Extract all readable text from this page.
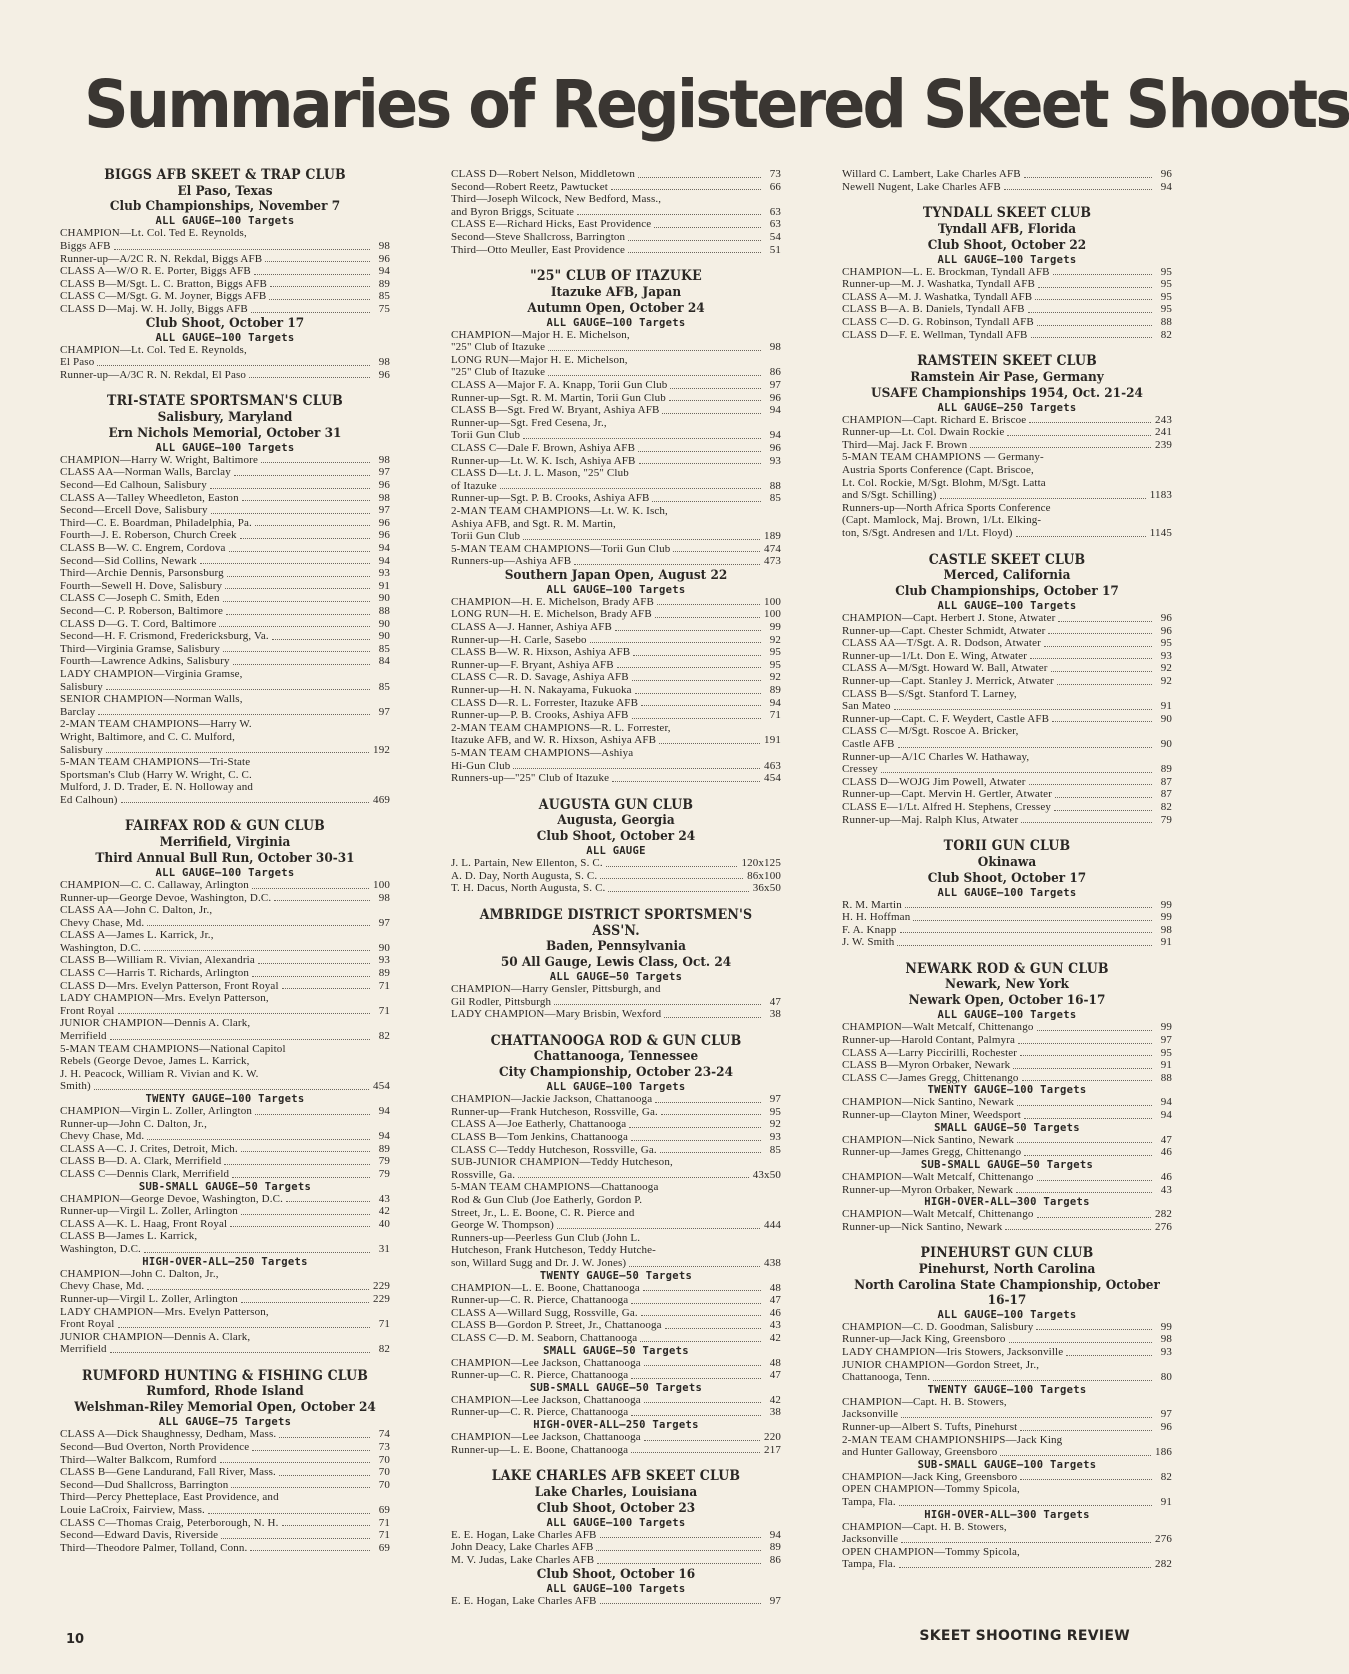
Summaries of Registered Skeet Shoots
BIGGS AFB SKEET & TRAP CLUB
El Paso, Texas
Club Championships, November 7
ALL GAUGE—100 Targets
CHAMPION—Lt. Col. Ted E. Reynolds,
Biggs AFB	98
Runner-up—A/2C R. N. Rekdal, Biggs AFB	96
CLASS A—W/O R. E. Porter, Biggs AFB	94
CLASS B—M/Sgt. L. C. Bratton, Biggs AFB	89
CLASS C—M/Sgt. G. M. Joyner, Biggs AFB	85
CLASS D—Maj. W. H. Jolly, Biggs AFB	75
Club Shoot, October 17
ALL GAUGE—100 Targets
CHAMPION—Lt. Col. Ted E. Reynolds,
El Paso	98
Runner-up—A/3C R. N. Rekdal, El Paso	96
TRI-STATE SPORTSMAN'S CLUB
Salisbury, Maryland
Ern Nichols Memorial, October 31
ALL GAUGE—100 Targets
CHAMPION—Harry W. Wright, Baltimore	98
CLASS AA—Norman Walls, Barclay	97
Second—Ed Calhoun, Salisbury	96
CLASS A—Talley Wheedleton, Easton	98
Second—Ercell Dove, Salisbury	97
Third—C. E. Boardman, Philadelphia, Pa.	96
Fourth—J. E. Roberson, Church Creek	96
CLASS B—W. C. Engrem, Cordova	94
Second—Sid Collins, Newark	94
Third—Archie Dennis, Parsonsburg	93
Fourth—Sewell H. Dove, Salisbury	91
CLASS C—Joseph C. Smith, Eden	90
Second—C. P. Roberson, Baltimore	88
CLASS D—G. T. Cord, Baltimore	90
Second—H. F. Crismond, Fredericksburg, Va.	90
Third—Virginia Gramse, Salisbury	85
Fourth—Lawrence Adkins, Salisbury	84
LADY CHAMPION—Virginia Gramse,
Salisbury	85
SENIOR CHAMPION—Norman Walls,
Barclay	97
2-MAN TEAM CHAMPIONS—Harry W.
Wright, Baltimore, and C. C. Mulford,
Salisbury	192
5-MAN TEAM CHAMPIONS—Tri-State
Sportsman's Club (Harry W. Wright, C. C.
Mulford, J. D. Trader, E. N. Holloway and
Ed Calhoun)	469
FAIRFAX ROD & GUN CLUB
Merrifield, Virginia
Third Annual Bull Run, October 30-31
ALL GAUGE—100 Targets
CHAMPION—C. C. Callaway, Arlington	100
Runner-up—George Devoe, Washington, D.C.	98
CLASS AA—John C. Dalton, Jr.,
Chevy Chase, Md.	97
CLASS A—James L. Karrick, Jr.,
Washington, D.C.	90
CLASS B—William R. Vivian, Alexandria	93
CLASS C—Harris T. Richards, Arlington	89
CLASS D—Mrs. Evelyn Patterson, Front Royal	71
LADY CHAMPION—Mrs. Evelyn Patterson,
Front Royal	71
JUNIOR CHAMPION—Dennis A. Clark,
Merrifield	82
5-MAN TEAM CHAMPIONS—National Capitol
Rebels (George Devoe, James L. Karrick,
J. H. Peacock, William R. Vivian and K. W.
Smith)	454
TWENTY GAUGE—100 Targets
CHAMPION—Virgin L. Zoller, Arlington	94
Runner-up—John C. Dalton, Jr.,
Chevy Chase, Md.	94
CLASS A—C. J. Crites, Detroit, Mich.	89
CLASS B—D. A. Clark, Merrifield	79
CLASS C—Dennis Clark, Merrifield	79
SUB-SMALL GAUGE—50 Targets
CHAMPION—George Devoe, Washington, D.C.	43
Runner-up—Virgil L. Zoller, Arlington	42
CLASS A—K. L. Haag, Front Royal	40
CLASS B—James L. Karrick,
Washington, D.C.	31
HIGH-OVER-ALL—250 Targets
CHAMPION—John C. Dalton, Jr.,
Chevy Chase, Md.	229
Runner-up—Virgil L. Zoller, Arlington	229
LADY CHAMPION—Mrs. Evelyn Patterson,
Front Royal	71
JUNIOR CHAMPION—Dennis A. Clark,
Merrifield	82
RUMFORD HUNTING & FISHING CLUB
Rumford, Rhode Island
Welshman-Riley Memorial Open, October 24
ALL GAUGE—75 Targets
CLASS A—Dick Shaughnessy, Dedham, Mass.	74
Second—Bud Overton, North Providence	73
Third—Walter Balkcom, Rumford	70
CLASS B—Gene Landurand, Fall River, Mass.	70
Second—Dud Shallcross, Barrington	70
Third—Percy Phetteplace, East Providence, and
Louie LaCroix, Fairview, Mass.	69
CLASS C—Thomas Craig, Peterborough, N. H.	71
Second—Edward Davis, Riverside	71
Third—Theodore Palmer, Tolland, Conn.	69
CLASS D—Robert Nelson, Middletown	73
Second—Robert Reetz, Pawtucket	66
Third—Joseph Wilcock, New Bedford, Mass.,
and Byron Briggs, Scituate	63
CLASS E—Richard Hicks, East Providence	63
Second—Steve Shallcross, Barrington	54
Third—Otto Meuller, East Providence	51
"25" CLUB OF ITAZUKE
Itazuke AFB, Japan
Autumn Open, October 24
ALL GAUGE—100 Targets
CHAMPION—Major H. E. Michelson,
"25" Club of Itazuke	98
LONG RUN—Major H. E. Michelson,
"25" Club of Itazuke	86
CLASS A—Major F. A. Knapp, Torii Gun Club	97
Runner-up—Sgt. R. M. Martin, Torii Gun Club	96
CLASS B—Sgt. Fred W. Bryant, Ashiya AFB	94
Runner-up—Sgt. Fred Cesena, Jr.,
Torii Gun Club	94
CLASS C—Dale F. Brown, Ashiya AFB	96
Runner-up—Lt. W. K. Isch, Ashiya AFB	93
CLASS D—Lt. J. L. Mason, "25" Club
of Itazuke	88
Runner-up—Sgt. P. B. Crooks, Ashiya AFB	85
2-MAN TEAM CHAMPIONS—Lt. W. K. Isch,
Ashiya AFB, and Sgt. R. M. Martin,
Torii Gun Club	189
5-MAN TEAM CHAMPIONS—Torii Gun Club	474
Runners-up—Ashiya AFB	473
Southern Japan Open, August 22
ALL GAUGE—100 Targets
CHAMPION—H. E. Michelson, Brady AFB	100
LONG RUN—H. E. Michelson, Brady AFB	100
CLASS A—J. Hanner, Ashiya AFB	99
Runner-up—H. Carle, Sasebo	92
CLASS B—W. R. Hixson, Ashiya AFB	95
Runner-up—F. Bryant, Ashiya AFB	95
CLASS C—R. D. Savage, Ashiya AFB	92
Runner-up—H. N. Nakayama, Fukuoka	89
CLASS D—R. L. Forrester, Itazuke AFB	94
Runner-up—P. B. Crooks, Ashiya AFB	71
2-MAN TEAM CHAMPIONS—R. L. Forrester,
Itazuke AFB, and W. R. Hixson, Ashiya AFB	191
5-MAN TEAM CHAMPIONS—Ashiya
Hi-Gun Club	463
Runners-up—"25" Club of Itazuke	454
AUGUSTA GUN CLUB
Augusta, Georgia
Club Shoot, October 24
ALL GAUGE
J. L. Partain, New Ellenton, S. C.	120x125
A. D. Day, North Augusta, S. C.	86x100
T. H. Dacus, North Augusta, S. C.	36x50
AMBRIDGE DISTRICT SPORTSMEN'S ASS'N.
Baden, Pennsylvania
50 All Gauge, Lewis Class, Oct. 24
ALL GAUGE—50 Targets
CHAMPION—Harry Gensler, Pittsburgh, and
Gil Rodler, Pittsburgh	47
LADY CHAMPION—Mary Brisbin, Wexford	38
CHATTANOOGA ROD & GUN CLUB
Chattanooga, Tennessee
City Championship, October 23-24
ALL GAUGE—100 Targets
CHAMPION—Jackie Jackson, Chattanooga	97
Runner-up—Frank Hutcheson, Rossville, Ga.	95
CLASS A—Joe Eatherly, Chattanooga	92
CLASS B—Tom Jenkins, Chattanooga	93
CLASS C—Teddy Hutcheson, Rossville, Ga.	85
SUB-JUNIOR CHAMPION—Teddy Hutcheson,
Rossville, Ga.	43x50
5-MAN TEAM CHAMPIONS—Chattanooga
Rod & Gun Club (Joe Eatherly, Gordon P.
Street, Jr., L. E. Boone, C. R. Pierce and
George W. Thompson)	444
Runners-up—Peerless Gun Club (John L.
Hutcheson, Frank Hutcheson, Teddy Hutche-
son, Willard Sugg and Dr. J. W. Jones)	438
TWENTY GAUGE—50 Targets
CHAMPION—L. E. Boone, Chattanooga	48
Runner-up—C. R. Pierce, Chattanooga	47
CLASS A—Willard Sugg, Rossville, Ga.	46
CLASS B—Gordon P. Street, Jr., Chattanooga	43
CLASS C—D. M. Seaborn, Chattanooga	42
SMALL GAUGE—50 Targets
CHAMPION—Lee Jackson, Chattanooga	48
Runner-up—C. R. Pierce, Chattanooga	47
SUB-SMALL GAUGE—50 Targets
CHAMPION—Lee Jackson, Chattanooga	42
Runner-up—C. R. Pierce, Chattanooga	38
HIGH-OVER-ALL—250 Targets
CHAMPION—Lee Jackson, Chattanooga	220
Runner-up—L. E. Boone, Chattanooga	217
LAKE CHARLES AFB SKEET CLUB
Lake Charles, Louisiana
Club Shoot, October 23
ALL GAUGE—100 Targets
E. E. Hogan, Lake Charles AFB	94
John Deacy, Lake Charles AFB	89
M. V. Judas, Lake Charles AFB	86
Club Shoot, October 16
ALL GAUGE—100 Targets
E. E. Hogan, Lake Charles AFB	97
Willard C. Lambert, Lake Charles AFB	96
Newell Nugent, Lake Charles AFB	94
TYNDALL SKEET CLUB
Tyndall AFB, Florida
Club Shoot, October 22
ALL GAUGE—100 Targets
CHAMPION—L. E. Brockman, Tyndall AFB	95
Runner-up—M. J. Washatka, Tyndall AFB	95
CLASS A—M. J. Washatka, Tyndall AFB	95
CLASS B—A. B. Daniels, Tyndall AFB	95
CLASS C—D. G. Robinson, Tyndall AFB	88
CLASS D—F. E. Wellman, Tyndall AFB	82
RAMSTEIN SKEET CLUB
Ramstein Air Pase, Germany
USAFE Championships 1954, Oct. 21-24
ALL GAUGE—250 Targets
CHAMPION—Capt. Richard E. Briscoe	243
Runner-up—Lt. Col. Dwain Rockie	241
Third—Maj. Jack F. Brown	239
5-MAN TEAM CHAMPIONS — Germany-
Austria Sports Conference (Capt. Briscoe,
Lt. Col. Rockie, M/Sgt. Blohm, M/Sgt. Latta
and S/Sgt. Schilling)	1183
Runners-up—North Africa Sports Conference
(Capt. Mamlock, Maj. Brown, 1/Lt. Elking-
ton, S/Sgt. Andresen and 1/Lt. Floyd)	1145
CASTLE SKEET CLUB
Merced, California
Club Championships, October 17
ALL GAUGE—100 Targets
CHAMPION—Capt. Herbert J. Stone, Atwater	96
Runner-up—Capt. Chester Schmidt, Atwater	96
CLASS AA—T/Sgt. A. R. Dodson, Atwater	95
Runner-up—1/Lt. Don E. Wing, Atwater	93
CLASS A—M/Sgt. Howard W. Ball, Atwater	92
Runner-up—Capt. Stanley J. Merrick, Atwater	92
CLASS B—S/Sgt. Stanford T. Larney,
San Mateo	91
Runner-up—Capt. C. F. Weydert, Castle AFB	90
CLASS C—M/Sgt. Roscoe A. Bricker,
Castle AFB	90
Runner-up—A/1C Charles W. Hathaway,
Cressey	89
CLASS D—WOJG Jim Powell, Atwater	87
Runner-up—Capt. Mervin H. Gertler, Atwater	87
CLASS E—1/Lt. Alfred H. Stephens, Cressey	82
Runner-up—Maj. Ralph Klus, Atwater	79
TORII GUN CLUB
Okinawa
Club Shoot, October 17
ALL GAUGE—100 Targets
R. M. Martin	99
H. H. Hoffman	99
F. A. Knapp	98
J. W. Smith	91
NEWARK ROD & GUN CLUB
Newark, New York
Newark Open, October 16-17
ALL GAUGE—100 Targets
CHAMPION—Walt Metcalf, Chittenango	99
Runner-up—Harold Contant, Palmyra	97
CLASS A—Larry Piccirilli, Rochester	95
CLASS B—Myron Orbaker, Newark	91
CLASS C—James Gregg, Chittenango	88
TWENTY GAUGE—100 Targets
CHAMPION—Nick Santino, Newark	94
Runner-up—Clayton Miner, Weedsport	94
SMALL GAUGE—50 Targets
CHAMPION—Nick Santino, Newark	47
Runner-up—James Gregg, Chittenango	46
SUB-SMALL GAUGE—50 Targets
CHAMPION—Walt Metcalf, Chittenango	46
Runner-up—Myron Orbaker, Newark	43
HIGH-OVER-ALL—300 Targets
CHAMPION—Walt Metcalf, Chittenango	282
Runner-up—Nick Santino, Newark	276
PINEHURST GUN CLUB
Pinehurst, North Carolina
North Carolina State Championship, October 16-17
ALL GAUGE—100 Targets
CHAMPION—C. D. Goodman, Salisbury	99
Runner-up—Jack King, Greensboro	98
LADY CHAMPION—Iris Stowers, Jacksonville	93
JUNIOR CHAMPION—Gordon Street, Jr.,
Chattanooga, Tenn.	80
TWENTY GAUGE—100 Targets
CHAMPION—Capt. H. B. Stowers,
Jacksonville	97
Runner-up—Albert S. Tufts, Pinehurst	96
2-MAN TEAM CHAMPIONSHIPS—Jack King
and Hunter Galloway, Greensboro	186
SUB-SMALL GAUGE—100 Targets
CHAMPION—Jack King, Greensboro	82
OPEN CHAMPION—Tommy Spicola,
Tampa, Fla.	91
HIGH-OVER-ALL—300 Targets
CHAMPION—Capt. H. B. Stowers,
Jacksonville	276
OPEN CHAMPION—Tommy Spicola,
Tampa, Fla.	282
10	SKEET SHOOTING REVIEW
